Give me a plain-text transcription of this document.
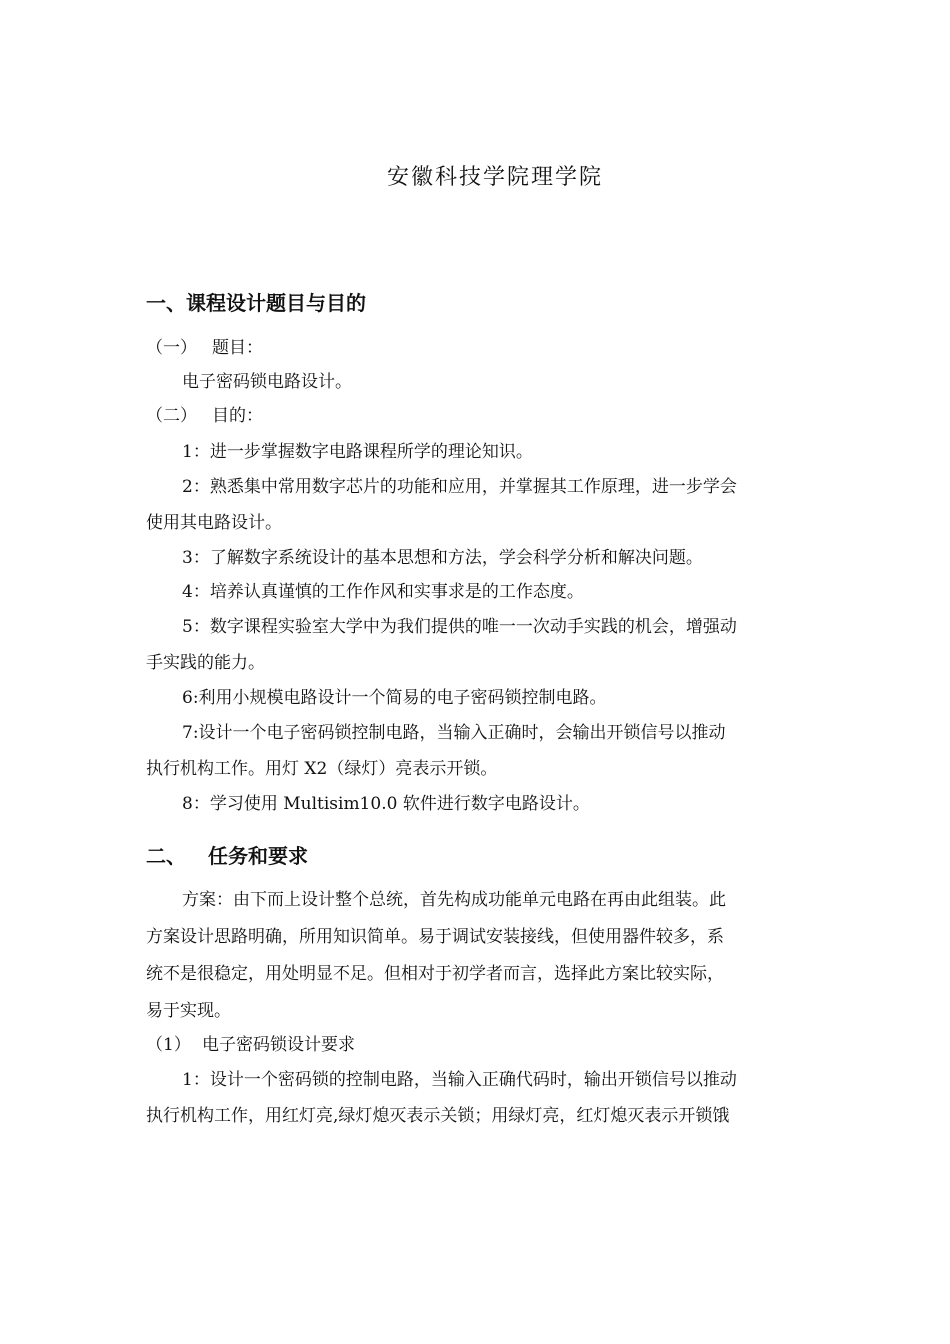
安徽科技学院理学院
一、课程设计题目与目的
（一） 题目：
电子密码锁电路设计。
（二） 目的：
1：进一步掌握数字电路课程所学的理论知识。
2：熟悉集中常用数字芯片的功能和应用，并掌握其工作原理，进一步学会
使用其电路设计。
3：了解数字系统设计的基本思想和方法，学会科学分析和解决问题。
4：培养认真谨慎的工作作风和实事求是的工作态度。
5：数字课程实验室大学中为我们提供的唯一一次动手实践的机会，增强动
手实践的能力。
6:利用小规模电路设计一个简易的电子密码锁控制电路。
7:设计一个电子密码锁控制电路，当输入正确时，会输出开锁信号以推动
执行机构工作。用灯 X2（绿灯）亮表示开锁。
8：学习使用 Multisim10.0 软件进行数字电路设计。
二、 任务和要求
方案：由下而上设计整个总统，首先构成功能单元电路在再由此组装。此
方案设计思路明确，所用知识简单。易于调试安装接线，但使用器件较多，系
统不是很稳定，用处明显不足。但相对于初学者而言，选择此方案比较实际，
易于实现。
（1） 电子密码锁设计要求
1：设计一个密码锁的控制电路，当输入正确代码时，输出开锁信号以推动
执行机构工作，用红灯亮,绿灯熄灭表示关锁；用绿灯亮，红灯熄灭表示开锁饿
